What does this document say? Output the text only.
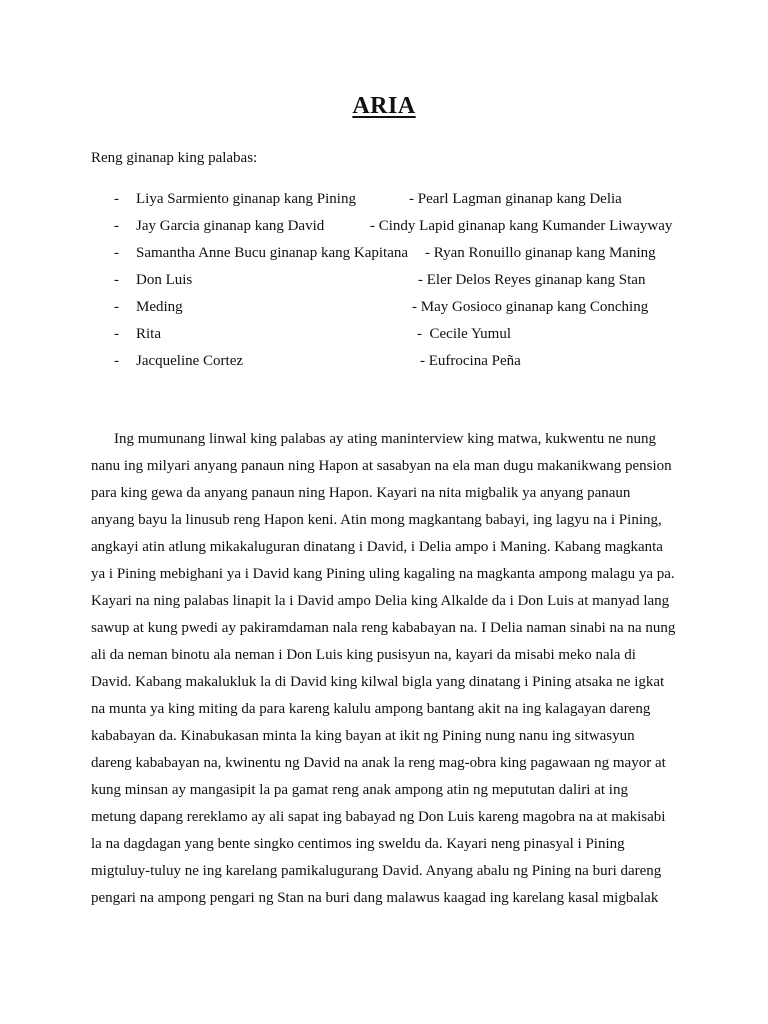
ARIA
Reng ginanap king palabas:
- Liya Sarmiento ginanap kang Pining	- Pearl Lagman ginanap kang Delia
- Jay Garcia ginanap kang David	- Cindy Lapid ginanap kang Kumander Liwayway
- Samantha Anne Bucu ginanap kang Kapitana - Ryan Ronuillo ginanap kang Maning
- Don Luis	- Eler Delos Reyes ginanap kang Stan
- Meding	- May Gosioco ginanap kang Conching
- Rita	-  Cecile Yumul
- Jacqueline Cortez	- Eufrocina Peña
Ing mumunang linwal king palabas ay ating maninterview king matwa, kukwentu ne nung
nanu ing milyari anyang panaun ning Hapon at sasabyan na ela man dugu makanikwang pension
para king gewa da anyang panaun ning Hapon. Kayari na nita migbalik ya anyang panaun
anyang bayu la linusub reng Hapon keni. Atin mong magkantang babayi, ing lagyu na i Pining,
angkayi atin atlung mikakaluguran dinatang i David, i Delia ampo i Maning. Kabang magkanta
ya i Pining mebighani ya i David kang Pining uling kagaling na magkanta ampong malagu ya pa.
Kayari na ning palabas linapit la i David ampo Delia king Alkalde da i Don Luis at manyad lang
sawup at kung pwedi ay pakiramdaman nala reng kababayan na. I Delia naman sinabi na na nung
ali da neman binotu ala neman i Don Luis king pusisyun na, kayari da misabi meko nala di
David. Kabang makalukluk la di David king kilwal bigla yang dinatang i Pining atsaka ne igkat
na munta ya king miting da para kareng kalulu ampong bantang akit na ing kalagayan dareng
kababayan da. Kinabukasan minta la king bayan at ikit ng Pining nung nanu ing sitwasyun
dareng kababayan na, kwinentu ng David na anak la reng mag-obra king pagawaan ng mayor at
kung minsan ay mangasipit la pa gamat reng anak ampong atin ng mepututan daliri at ing
metung dapang rereklamo ay ali sapat ing babayad ng Don Luis kareng magobra na at makisabi
la na dagdagan yang bente singko centimos ing sweldu da. Kayari neng pinasyal i Pining
migtuluy-tuluy ne ing karelang pamikalugurang David. Anyang abalu ng Pining na buri dareng
pengari na ampong pengari ng Stan na buri dang malawus kaagad ing karelang kasal migbalak
